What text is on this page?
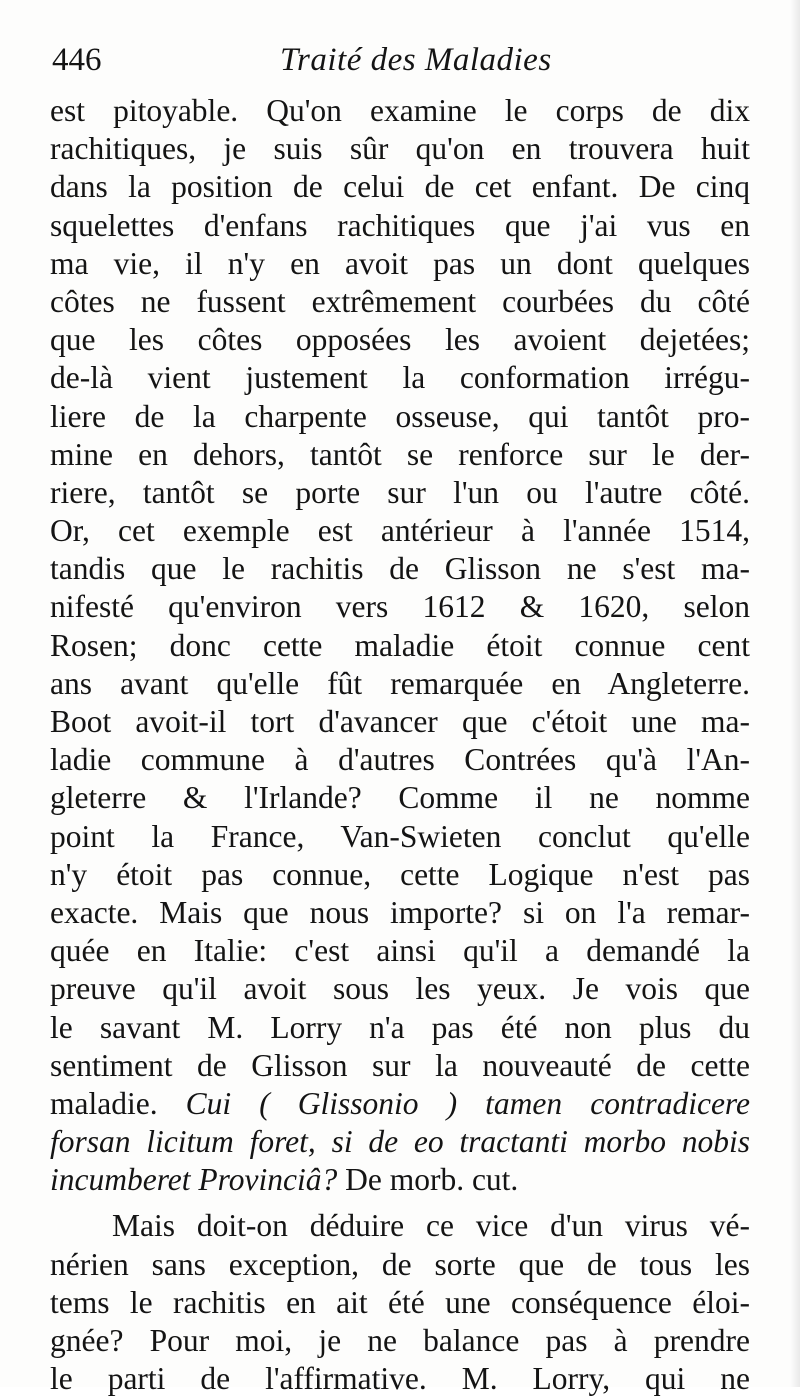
446	Traité des Maladies
est pitoyable. Qu'on examine le corps de dix
rachitiques, je suis sûr qu'on en trouvera huit
dans la position de celui de cet enfant. De cinq
squelettes d'enfans rachitiques que j'ai vus en
ma vie, il n'y en avoit pas un dont quelques
côtes ne fussent extrêmement courbées du côté
que les côtes opposées les avoient dejetées;
de-là vient justement la conformation irrégu-
liere de la charpente osseuse, qui tantôt pro-
mine en dehors, tantôt se renforce sur le der-
riere, tantôt se porte sur l'un ou l'autre côté.
Or, cet exemple est antérieur à l'année 1514,
tandis que le rachitis de Glisson ne s'est ma-
nifesté qu'environ vers 1612 & 1620, selon
Rosen; donc cette maladie étoit connue cent
ans avant qu'elle fût remarquée en Angleterre.
Boot avoit-il tort d'avancer que c'étoit une ma-
ladie commune à d'autres Contrées qu'à l'An-
gleterre & l'Irlande? Comme il ne nomme
point la France, Van-Swieten conclut qu'elle
n'y étoit pas connue, cette Logique n'est pas
exacte. Mais que nous importe? si on l'a remar-
quée en Italie: c'est ainsi qu'il a demandé la
preuve qu'il avoit sous les yeux. Je vois que
le savant M. Lorry n'a pas été non plus du
sentiment de Glisson sur la nouveauté de cette
maladie. Cui ( Glissonio ) tamen contradicere
forsan licitum foret, si de eo tractanti morbo nobis
incumberet Provinciâ? De morb. cut.
Mais doit-on déduire ce vice d'un virus vé-
nérien sans exception, de sorte que de tous les
tems le rachitis en ait été une conséquence éloi-
gnée? Pour moi, je ne balance pas à prendre
le parti de l'affirmative. M. Lorry, qui ne
